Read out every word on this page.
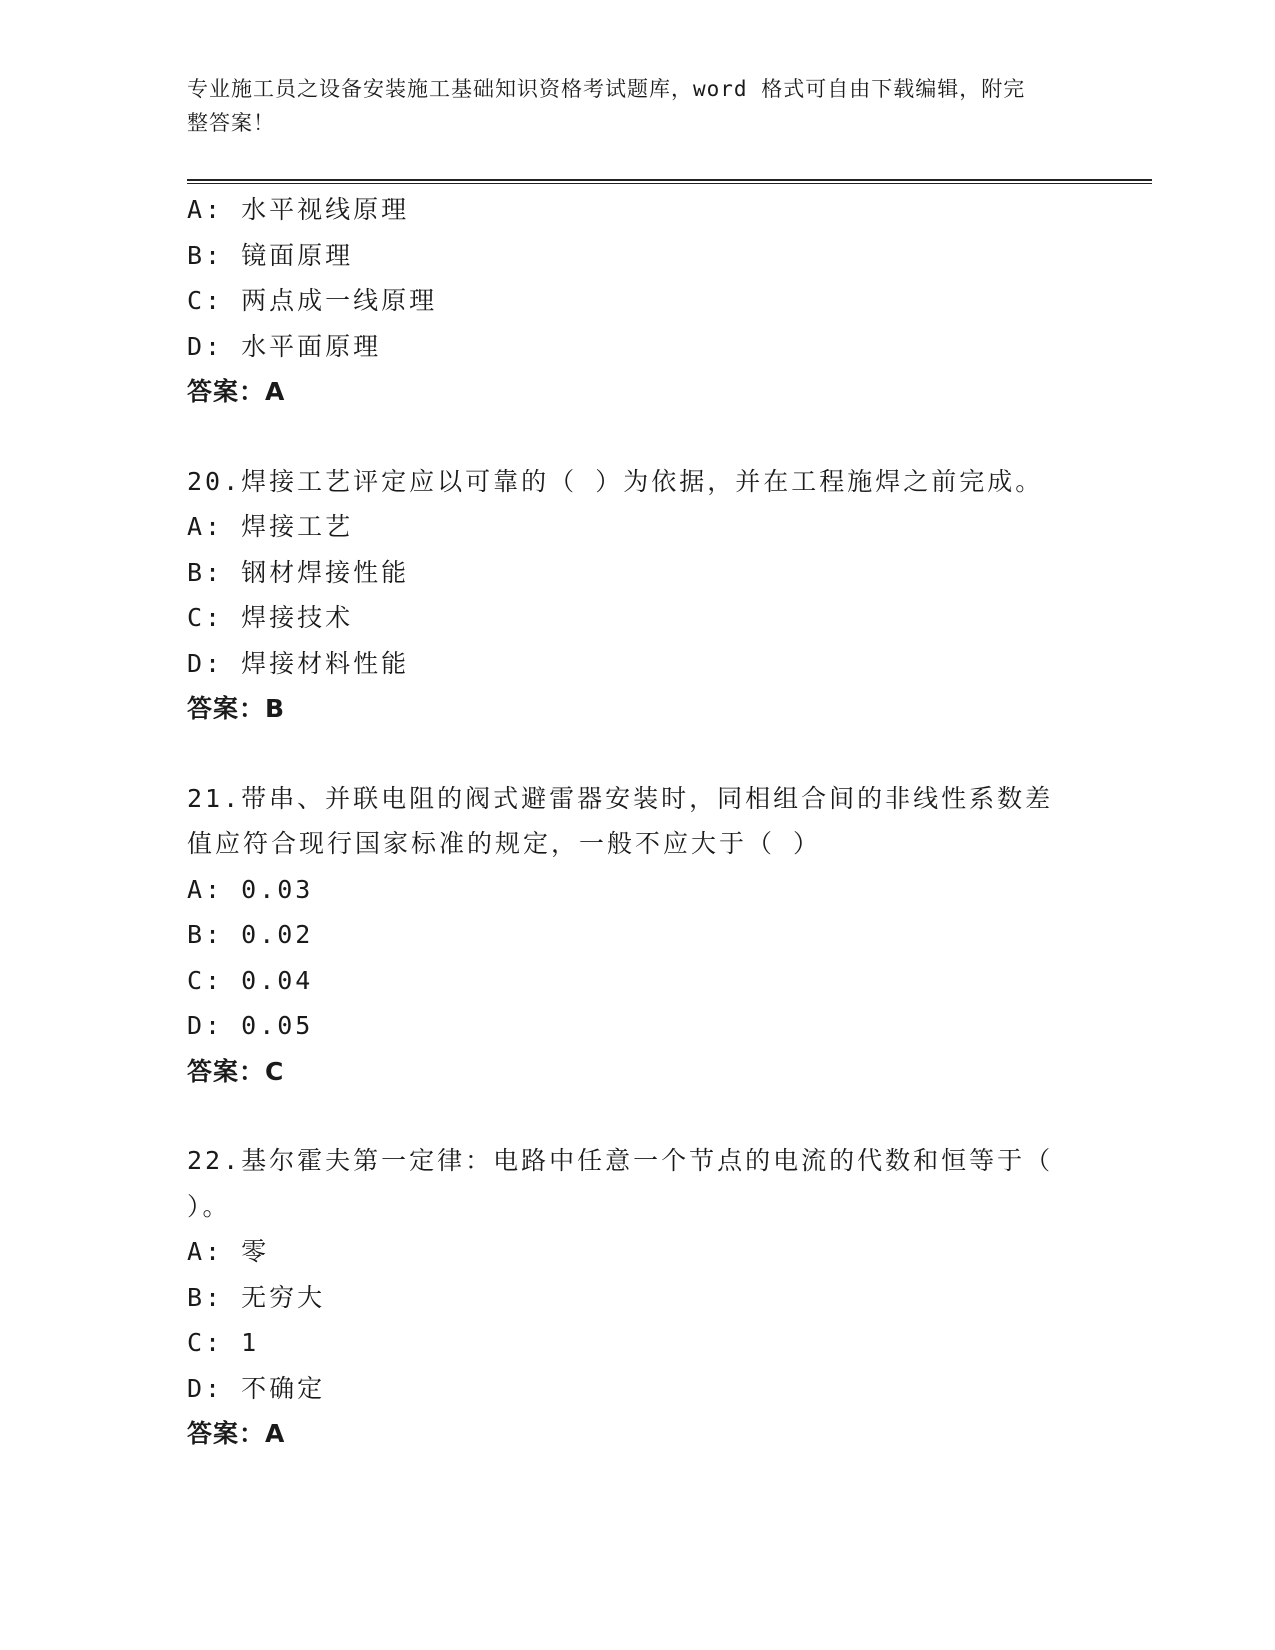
专业施工员之设备安装施工基础知识资格考试题库，word 格式可自由下载编辑，附完整答案！
A: 水平视线原理
B: 镜面原理
C: 两点成一线原理
D: 水平面原理
答案：A
20.焊接工艺评定应以可靠的（ ）为依据，并在工程施焊之前完成。
A: 焊接工艺
B: 钢材焊接性能
C: 焊接技术
D: 焊接材料性能
答案：B
21.带串、并联电阻的阀式避雷器安装时，同相组合间的非线性系数差值应符合现行国家标准的规定，一般不应大于（ ）
A: 0.03
B: 0.02
C: 0.04
D: 0.05
答案：C
22.基尔霍夫第一定律：电路中任意一个节点的电流的代数和恒等于（ ）。
A: 零
B: 无穷大
C: 1
D: 不确定
答案：A
